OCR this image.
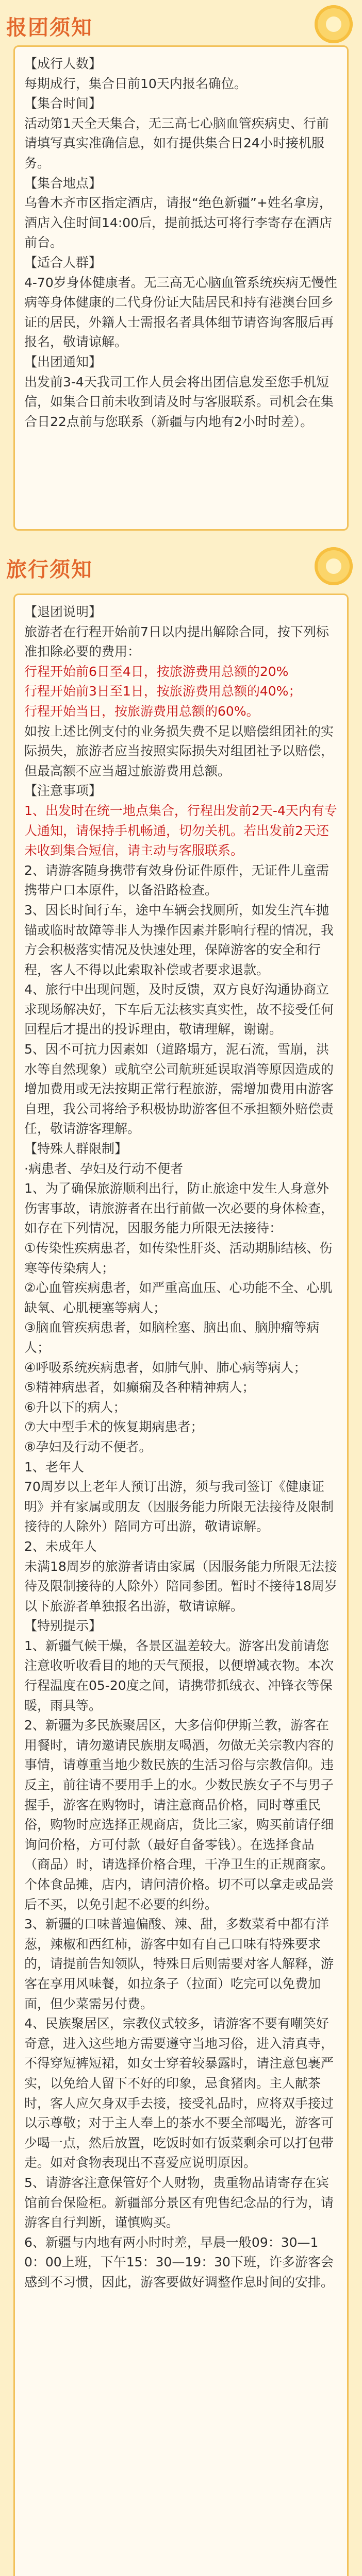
报团须知

【成行人数】

每期成行，集合日前10天内报名确位。

【集合时间】

活动第1天全天集合，无三高七心脑血管疾病史、行前请填写真实准确信息，如有提供集合日24小时接机服务。

【集合地点】

乌鲁木齐市区指定酒店，请报“绝色新疆”+姓名拿房，酒店入住时间14:00后，提前抵达可将行李寄存在酒店前台。

【适合人群】

4-70岁身体健康者。无三高无心脑血管系统疾病无慢性病等身体健康的二代身份证大陆居民和持有港澳台回乡证的居民，外籍人士需报名者具体细节请咨询客服后再报名，敬请谅解。

【出团通知】

出发前3-4天我司工作人员会将出团信息发至您手机短信，如集合日前未收到请及时与客服联系。司机会在集合日22点前与您联系（新疆与内地有2小时时差）。

旅行须知

【退团说明】

旅游者在行程开始前7日以内提出解除合同，按下列标准扣除必要的费用：

行程开始前6日至4日，按旅游费用总额的20%

行程开始前3日至1日，按旅游费用总额的40%；

行程开始当日，按旅游费用总额的60%。

如按上述比例支付的业务损失费不足以赔偿组团社的实际损失，旅游者应当按照实际损失对组团社予以赔偿，但最高额不应当超过旅游费用总额。

【注意事项】

1、出发时在统一地点集合，行程出发前2天-4天内有专人通知，请保持手机畅通，切勿关机。若出发前2天还未收到集合短信，请主动与客服联系。

2、请游客随身携带有效身份证件原件，无证件儿童需携带户口本原件，以备沿路检查。

3、因长时间行车，途中车辆会找厕所，如发生汽车抛锚或临时故障等非人为操作因素并影响行程的情况，我方会积极落实情况及快速处理，保障游客的安全和行程，客人不得以此索取补偿或者要求退款。

4、旅行中出现问题，及时反馈，双方良好沟通协商立求现场解决好，下车后无法核实真实性，故不接受任何回程后才提出的投诉理由，敬请理解，谢谢。

5、因不可抗力因素如（道路塌方，泥石流，雪崩，洪水等自然现象）或航空公司航班延误取消等原因造成的增加费用或无法按期正常行程旅游，需增加费用由游客自理，我公司将给予积极协助游客但不承担额外赔偿责任，敬请游客理解。

【特殊人群限制】

·病患者、孕妇及行动不便者

1、为了确保旅游顺利出行，防止旅途中发生人身意外伤害事故，请旅游者在出行前做一次必要的身体检查，如存在下列情况，因服务能力所限无法接待：

①传染性疾病患者，如传染性肝炎、活动期肺结核、伤寒等传染病人；

②心血管疾病患者，如严重高血压、心功能不全、心肌缺氧、心肌梗塞等病人；

③脑血管疾病患者，如脑栓塞、脑出血、脑肿瘤等病人；

④呼吸系统疾病患者，如肺气肿、肺心病等病人；

⑤精神病患者，如癫痫及各种精神病人；

⑥升以下的病人；

⑦大中型手术的恢复期病患者；

⑧孕妇及行动不便者。

1、老年人

70周岁以上老年人预订出游，须与我司签订《健康证明》并有家属或朋友（因服务能力所限无法接待及限制接待的人除外）陪同方可出游，敬请谅解。

2、未成年人

未满18周岁的旅游者请由家属（因服务能力所限无法接待及限制接待的人除外）陪同参团。暂时不接待18周岁以下旅游者单独报名出游，敬请谅解。

【特别提示】

1、新疆气候干燥，各景区温差较大。游客出发前请您注意收听收看目的地的天气预报，以便增减衣物。本次行程温度在05-20度之间，请携带抓绒衣、冲锋衣等保暖，雨具等。

2、新疆为多民族聚居区，大多信仰伊斯兰教，游客在用餐时，请勿邀请民族朋友喝酒，勿做无关宗教内容的事情，请尊重当地少数民族的生活习俗与宗教信仰。违反主，前往请不要用手上的水。少数民族女子不与男子握手，游客在购物时，请注意商品价格，同时尊重民俗，购物时应选择正规商店，货比三家，购买前请仔细询问价格，方可付款（最好自备零钱）。在选择食品（商品）时，请选择价格合理，干净卫生的正规商家。个体食品摊，店内，请问清价格。切不可以拿走或品尝后不买，以免引起不必要的纠纷。

3、新疆的口味普遍偏酸、辣、甜，多数菜肴中都有洋葱，辣椒和西红柿，游客中如有自己口味有特殊要求的，请提前告知领队，特殊日后则需要对客人解释，游客在享用风味餐，如拉条子（拉面）吃完可以免费加面，但少菜需另付费。

4、民族聚居区，宗教仪式较多，请游客不要有嘲笑好奇意，进入这些地方需要遵守当地习俗，进入清真寺，不得穿短裤短裙，如女士穿着较暴露时，请注意包裹严实，以免给人留下不好的印象，忌食猪肉。主人献茶时，客人应欠身双手去接，接受礼品时，应将双手接过以示尊敬；对于主人奉上的茶水不要全部喝光，游客可少喝一点，然后放置，吃饭时如有饭菜剩余可以打包带走。如对食物表现出不喜爱应说明原因。

5、请游客注意保管好个人财物，贵重物品请寄存在宾馆前台保险柜。新疆部分景区有兜售纪念品的行为，请游客自行判断，谨慎购买。

6、新疆与内地有两小时时差，早晨一般09：30—10：00上班，下午15：30—19：30下班，许多游客会感到不习惯，因此，游客要做好调整作息时间的安排。
